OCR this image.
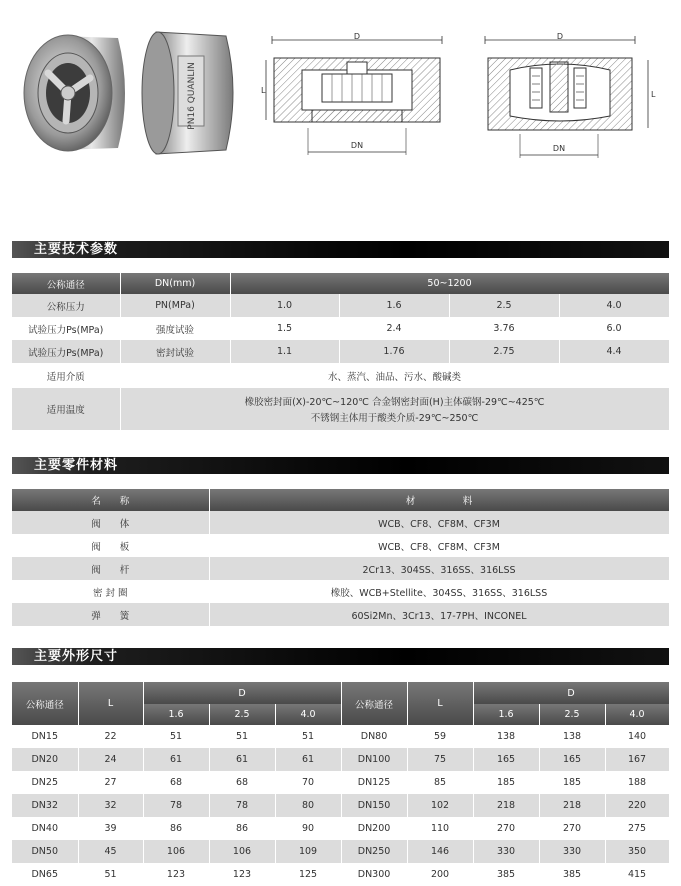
PN16 QUANLIN
D
L
DN
D
L
DN
主要技术参数
公称通径	DN(mm)	50~1200			
公称压力	PN(MPa)	1.0	1.6	2.5	4.0
试验压力Ps(MPa)	强度试验	1.5	2.4	3.76	6.0
试验压力Ps(MPa)	密封试验	1.1	1.76	2.75	4.4
适用介质	水、蒸汽、油品、污水、酸碱类				
适用温度	橡胶密封面(X)-20℃~120℃ 合金钢密封面(H)主体碳钢-29℃~425℃
不锈钢主体用于酸类介质-29℃~250℃				
主要零件材料
名　　称	材　　　　　料
阀　　体	WCB、CF8、CF8M、CF3M
阀　　板	WCB、CF8、CF8M、CF3M
阀　　杆	2Cr13、304SS、316SS、316LSS
密 封 圈	橡胶、WCB+Stellite、304SS、316SS、316LSS
弹　　簧	60Si2Mn、3Cr13、17-7PH、INCONEL
主要外形尺寸
公称通径	L	D			公称通径	L	D		
		1.6	2.5	4.0			1.6	2.5	4.0
DN15	22	51	51	51	DN80	59	138	138	140
DN20	24	61	61	61	DN100	75	165	165	167
DN25	27	68	68	70	DN125	85	185	185	188
DN32	32	78	78	80	DN150	102	218	218	220
DN40	39	86	86	90	DN200	110	270	270	275
DN50	45	106	106	109	DN250	146	330	330	350
DN65	51	123	123	125	DN300	200	385	385	415
